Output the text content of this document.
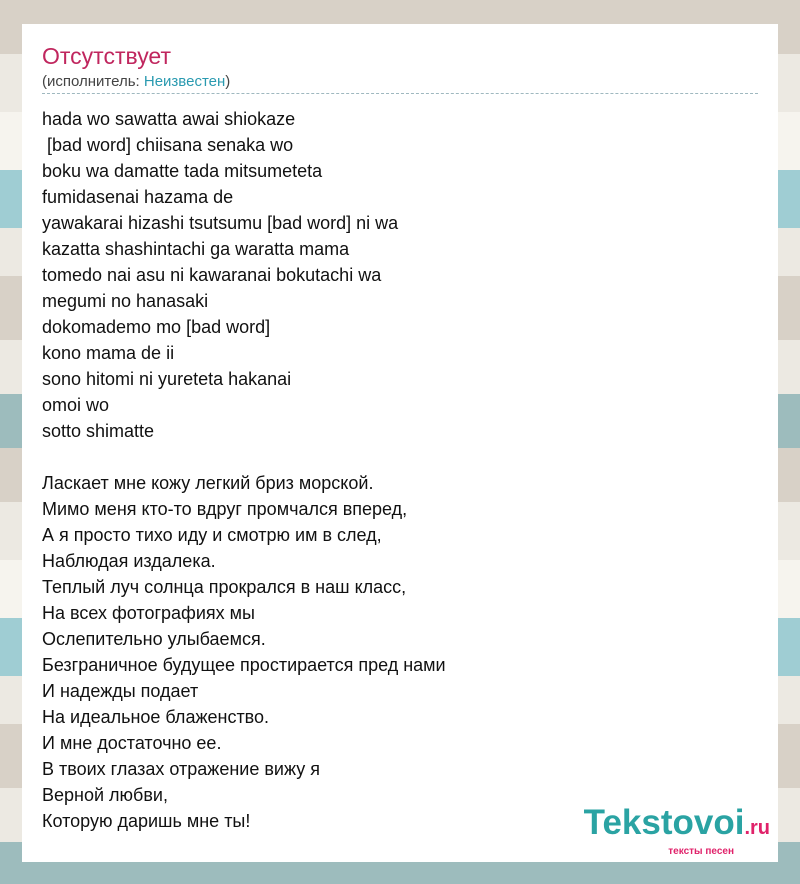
Отсутствует
(исполнитель: Неизвестен)
hada wo sawatta awai shiokaze
[bad word] chiisana senaka wo
boku wa damatte tada mitsumeteta
fumidasenai hazama de
yawakarai hizashi tsutsumu [bad word] ni wa
kazatta shashintachi ga waratta mama
tomedo nai asu ni kawaranai bokutachi wa
megumi no hanasaki
dokomademo mo [bad word]
kono mama de ii
sono hitomi ni yureteta hakanai
omoi wo
sotto shimatte
Ласкает мне кожу легкий бриз морской.
Мимо меня кто-то вдруг промчался вперед,
А я просто тихо иду и смотрю им в след,
Наблюдая издалека.
Теплый луч солнца прокрался в наш класс,
На всех фотографиях мы
Ослепительно улыбаемся.
Безграничное будущее простирается пред нами
И надежды подает
На идеальное блаженство.
И мне достаточно ее.
В твоих глазах отражение вижу я
Верной любви,
Которую даришь мне ты!	Tekstovoi.ru
тексты песен
